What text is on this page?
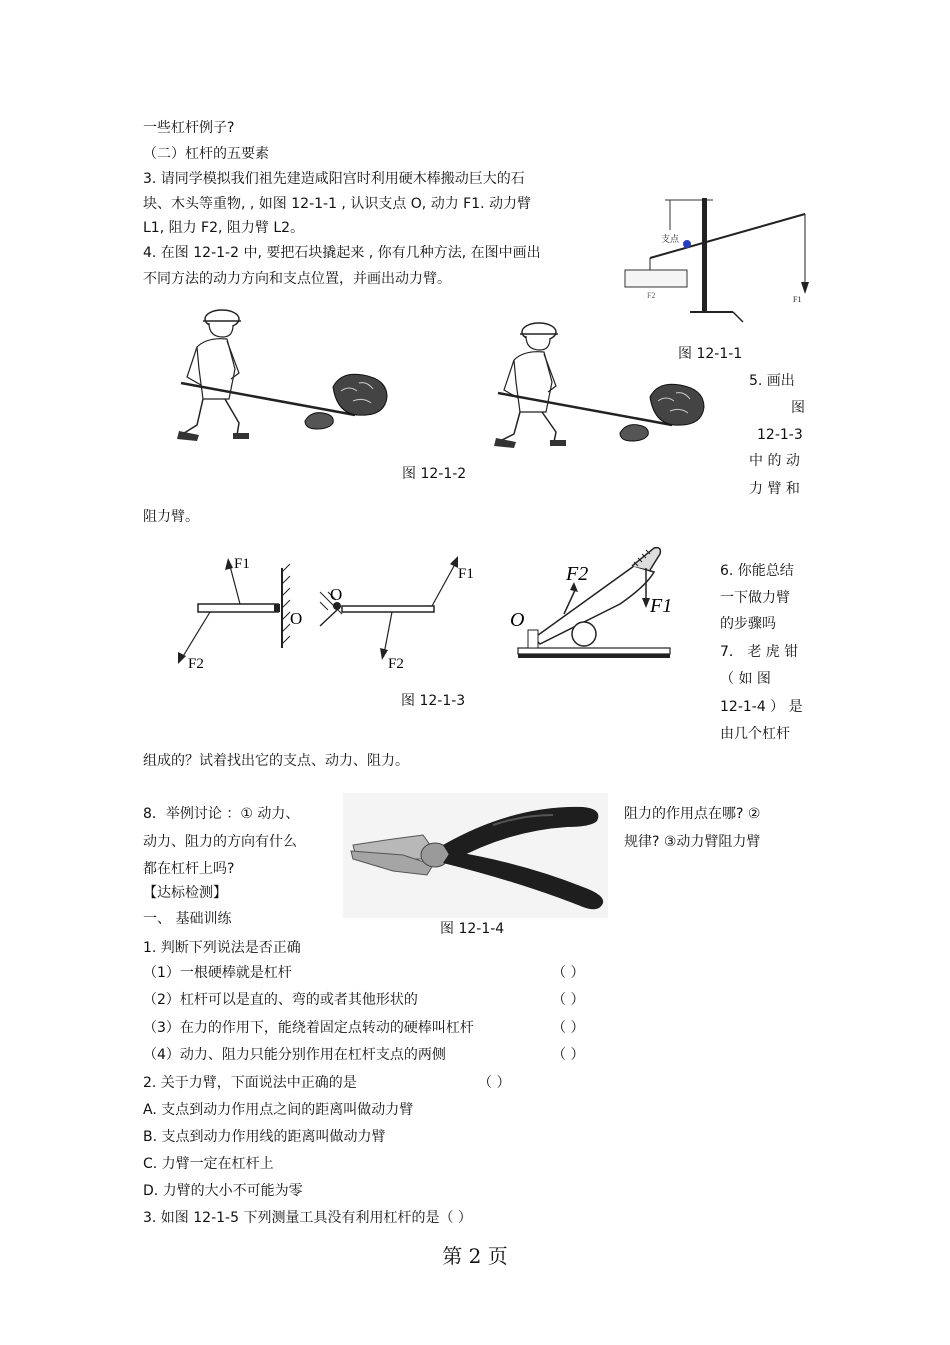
一些杠杆例子?
（二）杠杆的五要素
3. 请同学模拟我们祖先建造咸阳宫时利用硬木棒搬动巨大的石
块、木头等重物, , 如图 12-1-1 , 认识支点 O, 动力 F1. 动力臂
L1, 阻力 F2, 阻力臂 L2。
4. 在图 12-1-2 中, 要把石块撬起来 , 你有几种方法, 在图中画出
不同方法的动力方向和支点位置，并画出动力臂。
5. 画出
图
12-1-3
中 的 动
力 臂 和
阻力臂。
6. 你能总结
一下做力臂
的步骤吗
7． 老 虎 钳
（ 如 图
12-1-4 ） 是
由几个杠杆
组成的？试着找出它的支点、动力、阻力。
8．举例讨论 ：① 动力、
动力、阻力的方向有什么
都在杠杆上吗?
阻力的作用点在哪? ②
规律? ③动力臂阻力臂
【达标检测】
一、 基础训练
1. 判断下列说法是否正确
（1）一根硬棒就是杠杆	（ ）
（2）杠杆可以是直的、弯的或者其他形状的	（ ）
（3）在力的作用下，能绕着固定点转动的硬棒叫杠杆	（ ）
（4）动力、阻力只能分别作用在杠杆支点的两侧	（ ）
2. 关于力臂，下面说法中正确的是	（ ）
A. 支点到动力作用点之间的距离叫做动力臂
B. 支点到动力作用线的距离叫做动力臂
C. 力臂一定在杠杆上
D. 力臂的大小不可能为零
3. 如图 12-1-5 下列测量工具没有利用杠杆的是（ ）
支点
F1
F2
图 12-1-1
图 12-1-2
F1
F2
O
F1
F2
O
F2
F1
O
图 12-1-3
图 12-1-4
第 2 页
